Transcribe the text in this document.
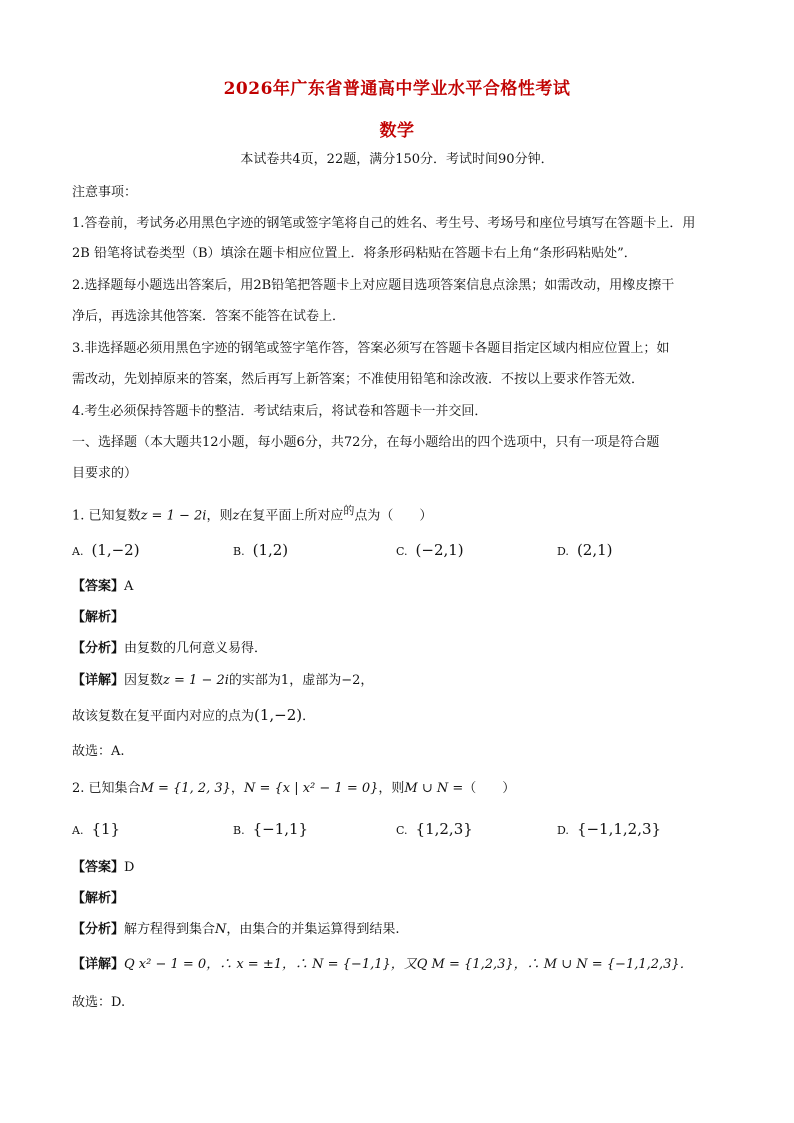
2026年广东省普通高中学业水平合格性考试
数学
本试卷共4页，22题，满分150分．考试时间90分钟．
注意事项：
1.答卷前，考试务必用黑色字迹的钢笔或签字笔将自己的姓名、考生号、考场号和座位号填写在答题卡上．用
2B 铅笔将试卷类型（B）填涂在题卡相应位置上．将条形码粘贴在答题卡右上角“条形码粘贴处”．
2.选择题每小题选出答案后，用2B铅笔把答题卡上对应题目选项答案信息点涂黑；如需改动，用橡皮擦干
净后，再选涂其他答案．答案不能答在试卷上．
3.非选择题必须用黑色字迹的钢笔或签字笔作答，答案必须写在答题卡各题目指定区域内相应位置上；如
需改动，先划掉原来的答案，然后再写上新答案；不准使用铅笔和涂改液．不按以上要求作答无效．
4.考生必须保持答题卡的整洁．考试结束后，将试卷和答题卡一并交回．
一、选择题（本大题共12小题，每小题6分，共72分，在每小题给出的四个选项中，只有一项是符合题
目要求的）
1. 已知复数z = 1 − 2i，则z在复平面上所对应$^的$点为（　　）
A. (1,−2)	B. (1,2)	C. (−2,1)	D. (2,1)
【答案】A
【解析】
【分析】由复数的几何意义易得．
【详解】因复数z = 1 − 2i的实部为1，虚部为−2，
故该复数在复平面内对应的点为(1,−2)．
故选：A.
2. 已知集合M = {1, 2, 3}，N = {x | x² − 1 = 0}，则M ∪ N =（　　）
A. {1}	B. {−1,1}	C. {1,2,3}	D. {−1,1,2,3}
【答案】D
【解析】
【分析】解方程得到集合N，由集合的并集运算得到结果.
【详解】Q x² − 1 = 0，∴ x = ±1，∴ N = {−1,1}，又Q M = {1,2,3}，∴ M ∪ N = {−1,1,2,3}．
故选：D.
